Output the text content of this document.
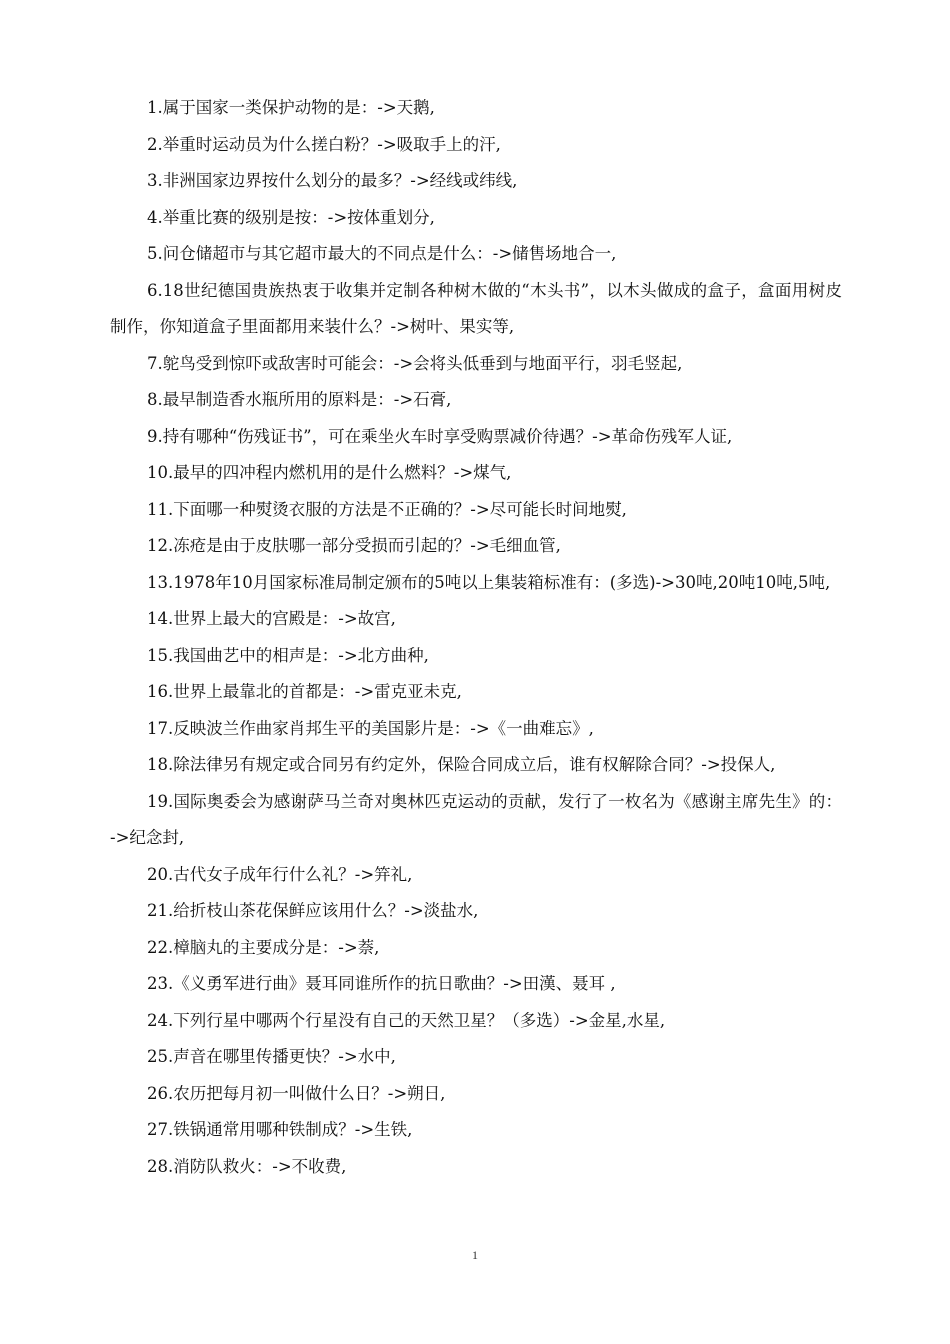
1.属于国家一类保护动物的是：->天鹅,

2.举重时运动员为什么搓白粉？->吸取手上的汗,

3.非洲国家边界按什么划分的最多？->经线或纬线,

4.举重比赛的级别是按：->按体重划分,

5.问仓储超市与其它超市最大的不同点是什么：->储售场地合一,

6.18世纪德国贵族热衷于收集并定制各种树木做的“木头书”，以木头做成的盒子，盒面用树皮制作，你知道盒子里面都用来装什么？->树叶、果实等,

7.鸵鸟受到惊吓或敌害时可能会：->会将头低垂到与地面平行，羽毛竖起,

8.最早制造香水瓶所用的原料是：->石膏,

9.持有哪种“伤残证书”，可在乘坐火车时享受购票减价待遇？->革命伤残军人证,

10.最早的四冲程内燃机用的是什么燃料？->煤气,

11.下面哪一种熨烫衣服的方法是不正确的？->尽可能长时间地熨,

12.冻疮是由于皮肤哪一部分受损而引起的？->毛细血管,

13.1978年10月国家标准局制定颁布的5吨以上集装箱标准有：(多选)->30吨,20吨10吨,5吨,

14.世界上最大的宫殿是：->故宫,

15.我国曲艺中的相声是：->北方曲种,

16.世界上最靠北的首都是：->雷克亚未克,

17.反映波兰作曲家肖邦生平的美国影片是：->《一曲难忘》,

18.除法律另有规定或合同另有约定外，保险合同成立后，谁有权解除合同？->投保人,

19.国际奥委会为感谢萨马兰奇对奥林匹克运动的贡献，发行了一枚名为《感谢主席先生》的： ->纪念封,

20.古代女子成年行什么礼？->笄礼,

21.给折枝山茶花保鲜应该用什么？->淡盐水,

22.樟脑丸的主要成分是：->萘,

23.《义勇军进行曲》聂耳同谁所作的抗日歌曲？->田漢、聂耳 ,

24.下列行星中哪两个行星没有自己的天然卫星？（多选）->金星,水星,

25.声音在哪里传播更快？->水中,

26.农历把每月初一叫做什么日？->朔日,

27.铁锅通常用哪种铁制成？->生铁,

28.消防队救火：->不收费,

1
